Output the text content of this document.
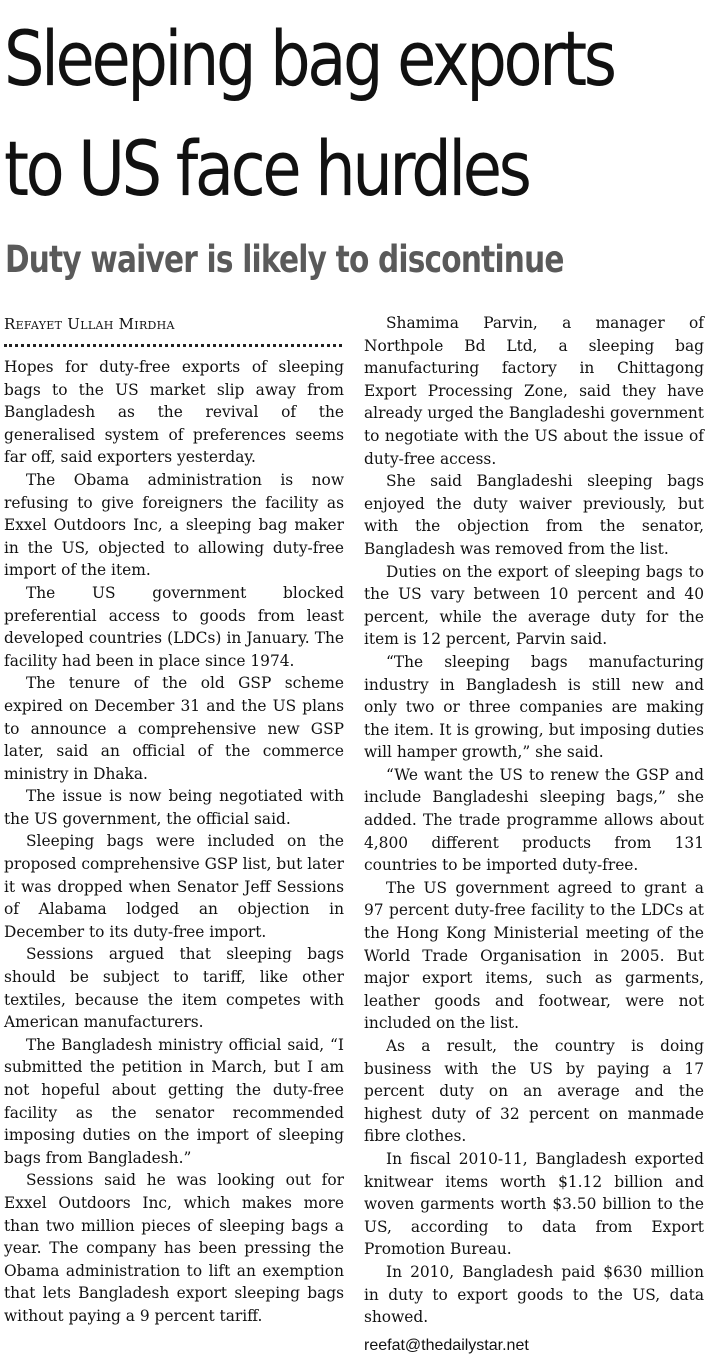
Sleeping bag exports
to US face hurdles
Duty waiver is likely to discontinue

Refayet Ullah Mirdha

Hopes for duty-free exports of sleeping bags to the US market slip away from Bangladesh as the revival of the generalised system of preferences seems far off, said exporters yesterday.

The Obama administration is now refusing to give foreigners the facility as Exxel Outdoors Inc, a sleeping bag maker in the US, objected to allowing duty-free import of the item.

The US government blocked preferential access to goods from least developed countries (LDCs) in January. The facility had been in place since 1974.

The tenure of the old GSP scheme expired on December 31 and the US plans to announce a comprehensive new GSP later, said an official of the commerce ministry in Dhaka.

The issue is now being negotiated with the US government, the official said.

Sleeping bags were included on the proposed comprehensive GSP list, but later it was dropped when Senator Jeff Sessions of Alabama lodged an objection in December to its duty-free import.

Sessions argued that sleeping bags should be subject to tariff, like other textiles, because the item competes with American manufacturers.

The Bangladesh ministry official said, “I submitted the petition in March, but I am not hopeful about getting the duty-free facility as the senator recommended imposing duties on the import of sleeping bags from Bangladesh.”

Sessions said he was looking out for Exxel Outdoors Inc, which makes more than two million pieces of sleeping bags a year. The company has been pressing the Obama administration to lift an exemption that lets Bangladesh export sleeping bags without paying a 9 percent tariff.

Shamima Parvin, a manager of Northpole Bd Ltd, a sleeping bag manufacturing factory in Chittagong Export Processing Zone, said they have already urged the Bangladeshi government to negotiate with the US about the issue of duty-free access.

She said Bangladeshi sleeping bags enjoyed the duty waiver previously, but with the objection from the senator, Bangladesh was removed from the list.

Duties on the export of sleeping bags to the US vary between 10 percent and 40 percent, while the average duty for the item is 12 percent, Parvin said.

“The sleeping bags manufacturing industry in Bangladesh is still new and only two or three companies are making the item. It is growing, but imposing duties will hamper growth,” she said.

“We want the US to renew the GSP and include Bangladeshi sleeping bags,” she added. The trade programme allows about 4,800 different products from 131 countries to be imported duty-free.

The US government agreed to grant a 97 percent duty-free facility to the LDCs at the Hong Kong Ministerial meeting of the World Trade Organisation in 2005. But major export items, such as garments, leather goods and footwear, were not included on the list.

As a result, the country is doing business with the US by paying a 17 percent duty on an average and the highest duty of 32 percent on manmade fibre clothes.

In fiscal 2010-11, Bangladesh exported knitwear items worth $1.12 billion and woven garments worth $3.50 billion to the US, according to data from Export Promotion Bureau.

In 2010, Bangladesh paid $630 million in duty to export goods to the US, data showed.

reefat@thedailystar.net
